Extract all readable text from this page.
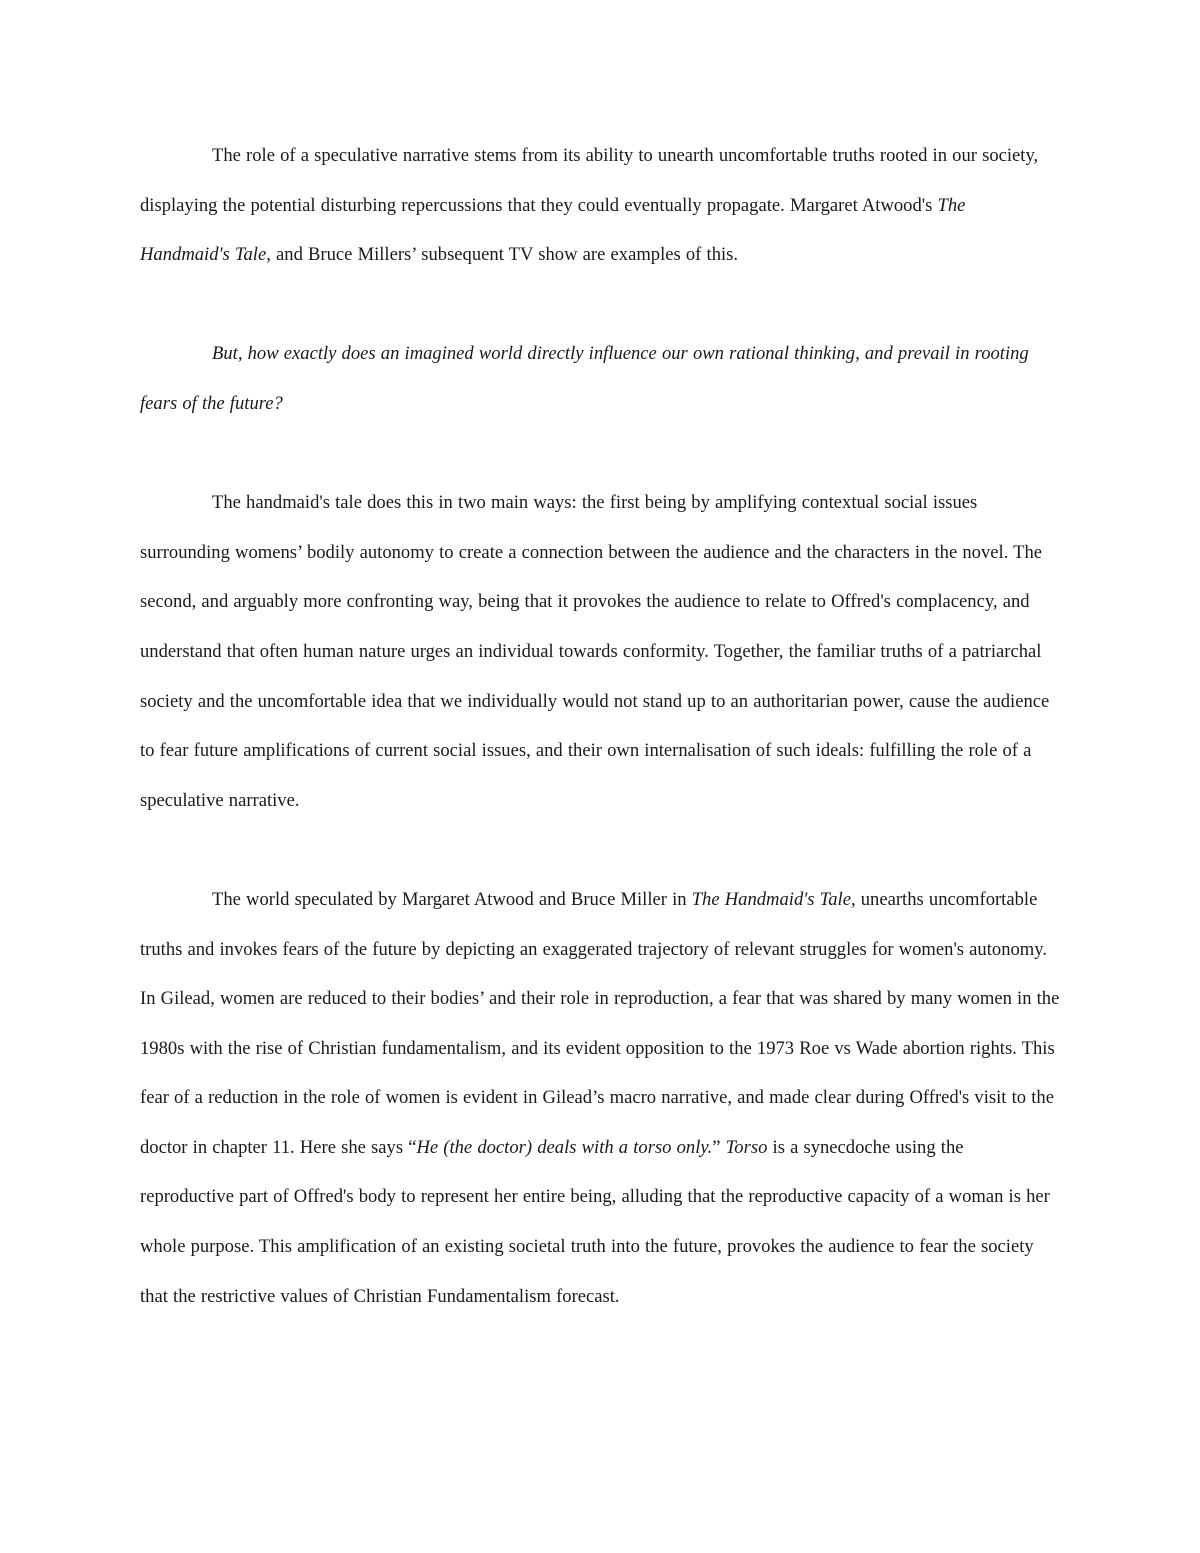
The role of a speculative narrative stems from its ability to unearth uncomfortable truths rooted in our society, displaying the potential disturbing repercussions that they could eventually propagate. Margaret Atwood's The Handmaid's Tale, and Bruce Millers’ subsequent TV show are examples of this.

But, how exactly does an imagined world directly influence our own rational thinking, and prevail in rooting fears of the future?

The handmaid's tale does this in two main ways: the first being by amplifying contextual social issues surrounding womens’ bodily autonomy to create a connection between the audience and the characters in the novel. The second, and arguably more confronting way, being that it provokes the audience to relate to Offred's complacency, and understand that often human nature urges an individual towards conformity. Together, the familiar truths of a patriarchal society and the uncomfortable idea that we individually would not stand up to an authoritarian power, cause the audience to fear future amplifications of current social issues, and their own internalisation of such ideals: fulfilling the role of a speculative narrative.

The world speculated by Margaret Atwood and Bruce Miller in The Handmaid's Tale, unearths uncomfortable truths and invokes fears of the future by depicting an exaggerated trajectory of relevant struggles for women's autonomy. In Gilead, women are reduced to their bodies’ and their role in reproduction, a fear that was shared by many women in the 1980s with the rise of Christian fundamentalism, and its evident opposition to the 1973 Roe vs Wade abortion rights. This fear of a reduction in the role of women is evident in Gilead’s macro narrative, and made clear during Offred's visit to the doctor in chapter 11. Here she says “He (the doctor) deals with a torso only.” Torso is a synecdoche using the reproductive part of Offred's body to represent her entire being, alluding that the reproductive capacity of a woman is her whole purpose. This amplification of an existing societal truth into the future, provokes the audience to fear the society that the restrictive values of Christian Fundamentalism forecast.
